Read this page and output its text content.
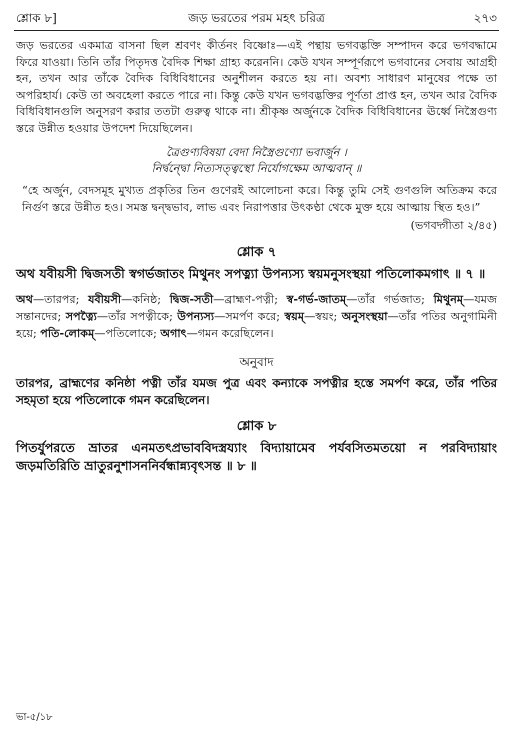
শ্লোক ৮]	জড় ভরতের পরম মহৎ চরিত্র	২৭৩

জড় ভরতের একমাত্র বাসনা ছিল শ্রবণং কীর্তনং বিষ্ণোঃ—এই পন্থায় ভগবদ্ভক্তি সম্পাদন করে ভগবদ্ধামে ফিরে যাওয়া। তিনি তাঁর পিতৃদত্ত বৈদিক শিক্ষা গ্রাহ্য করেননি। কেউ যখন সম্পূর্ণরূপে ভগবানের সেবায় আগ্রহী হন, তখন আর তাঁকে বৈদিক বিধিবিধানের অনুশীলন করতে হয় না। অবশ্য সাধারণ মানুষের পক্ষে তা অপরিহার্য। কেউ তা অবহেলা করতে পারে না। কিন্তু কেউ যখন ভগবদ্ভক্তির পূর্ণতা প্রাপ্ত হন, তখন আর বৈদিক বিধিবিধানগুলি অনুসরণ করার ততটা গুরুত্ব থাকে না। শ্রীকৃষ্ণ অর্জুনকে বৈদিক বিধিবিধানের ঊর্ধ্বে নিস্ত্রৈগুণ্য স্তরে উন্নীত হওয়ার উপদেশ দিয়েছিলেন।

ত্রৈগুণ্যবিষয়া বেদা নিস্ত্রৈগুণ্যো ভবার্জুন ।
নির্দ্বন্দ্বো নিত্যসত্ত্বস্থো নির্যোগক্ষেম আত্মবান্ ॥

“হে অর্জুন, বেদসমূহ মুখ্যত প্রকৃতির তিন গুণেরই আলোচনা করে। কিন্তু তুমি সেই গুণগুলি অতিক্রম করে নির্গুণ স্তরে উন্নীত হও। সমস্ত দ্বন্দ্বভাব, লাভ এবং নিরাপত্তার উৎকণ্ঠা থেকে মুক্ত হয়ে আত্মায় স্থিত হও।”

(ভগবদ্গীতা ২/৪৫)
শ্লোক ৭

অথ যবীয়সী দ্বিজসতী স্বগর্ভজাতং মিথুনং সপত্ন্যা উপন্যস্য স্বয়মনুসংস্থয়া পতিলোকমগাৎ ॥ ৭ ॥

অথ—তারপর; যবীয়সী—কনিষ্ঠ; দ্বিজ-সতী—ব্রাহ্মণ-পত্নী; স্ব-গর্ভ-জাতম্—তাঁর গর্ভজাত; মিথুনম্—যমজ সন্তানদের; সপত্ন্যৈ—তাঁর সপত্নীকে; উপন্যস্য—সমর্পণ করে; স্বয়ম্—স্বয়ং; অনুসংস্থয়া—তাঁর পতির অনুগামিনী হয়ে; পতি-লোকম্—পতিলোকে; অগাৎ—গমন করেছিলেন।

অনুবাদ

তারপর, ব্রাহ্মণের কনিষ্ঠা পত্নী তাঁর যমজ পুত্র এবং কন্যাকে সপত্নীর হস্তে সমর্পণ করে, তাঁর পতির সহমৃতা হয়ে পতিলোকে গমন করেছিলেন।

শ্লোক ৮

পিতর্যুপরতে ভ্রাতর এনমতৎপ্রভাববিদস্ত্রয্যাং বিদ্যায়ামেব পর্যবসিতমতয়ো ন পরবিদ্যায়াং জড়মতিরিতি ভ্রাতুরনুশাসননির্বন্ধান্ন্যবৃৎসন্ত ॥ ৮ ॥

ভা-৫/১৮
